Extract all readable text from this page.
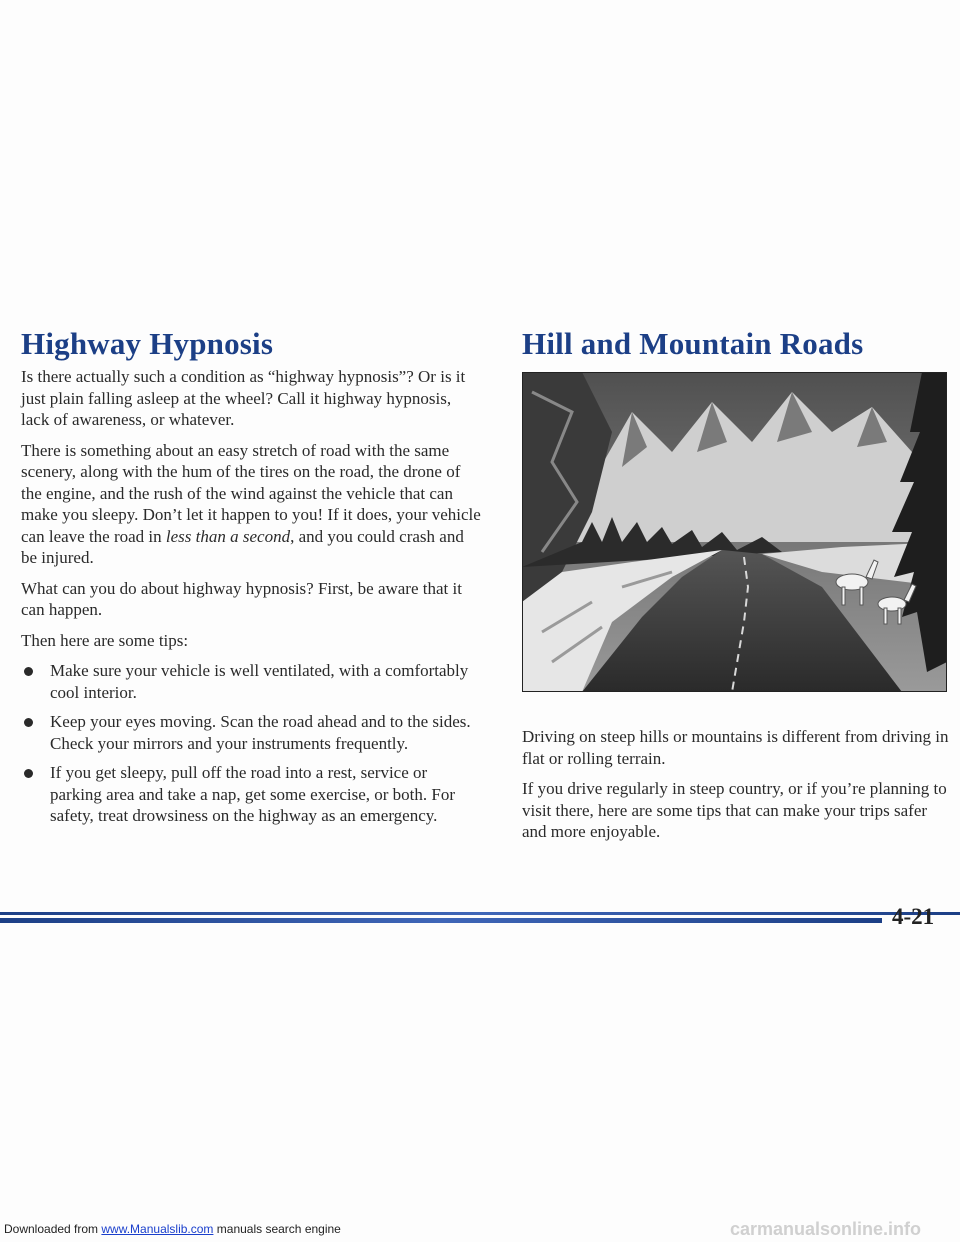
Highway Hypnosis	Hill and Mountain Roads

Is there actually such a condition as “highway hypnosis”? Or is it just plain falling asleep at the wheel? Call it highway hypnosis, lack of awareness, or whatever.

There is something about an easy stretch of road with the same scenery, along with the hum of the tires on the road, the drone of the engine, and the rush of the wind against the vehicle that can make you sleepy. Don’t let it happen to you! If it does, your vehicle can leave the road in less than a second, and you could crash and be injured.

What can you do about highway hypnosis? First, be aware that it can happen.

Then here are some tips:

Make sure your vehicle is well ventilated, with a comfortably cool interior.
Keep your eyes moving. Scan the road ahead and to the sides. Check your mirrors and your instruments frequently.
If you get sleepy, pull off the road into a rest, service or parking area and take a nap, get some exercise, or both. For safety, treat drowsiness on the highway as an emergency.

Driving on steep hills or mountains is different from driving in flat or rolling terrain.

If you drive regularly in steep country, or if you’re planning to visit there, here are some tips that can make your trips safer and more enjoyable.

4-21
Downloaded from www.Manualslib.com manuals search engine	carmanualsonline.info
